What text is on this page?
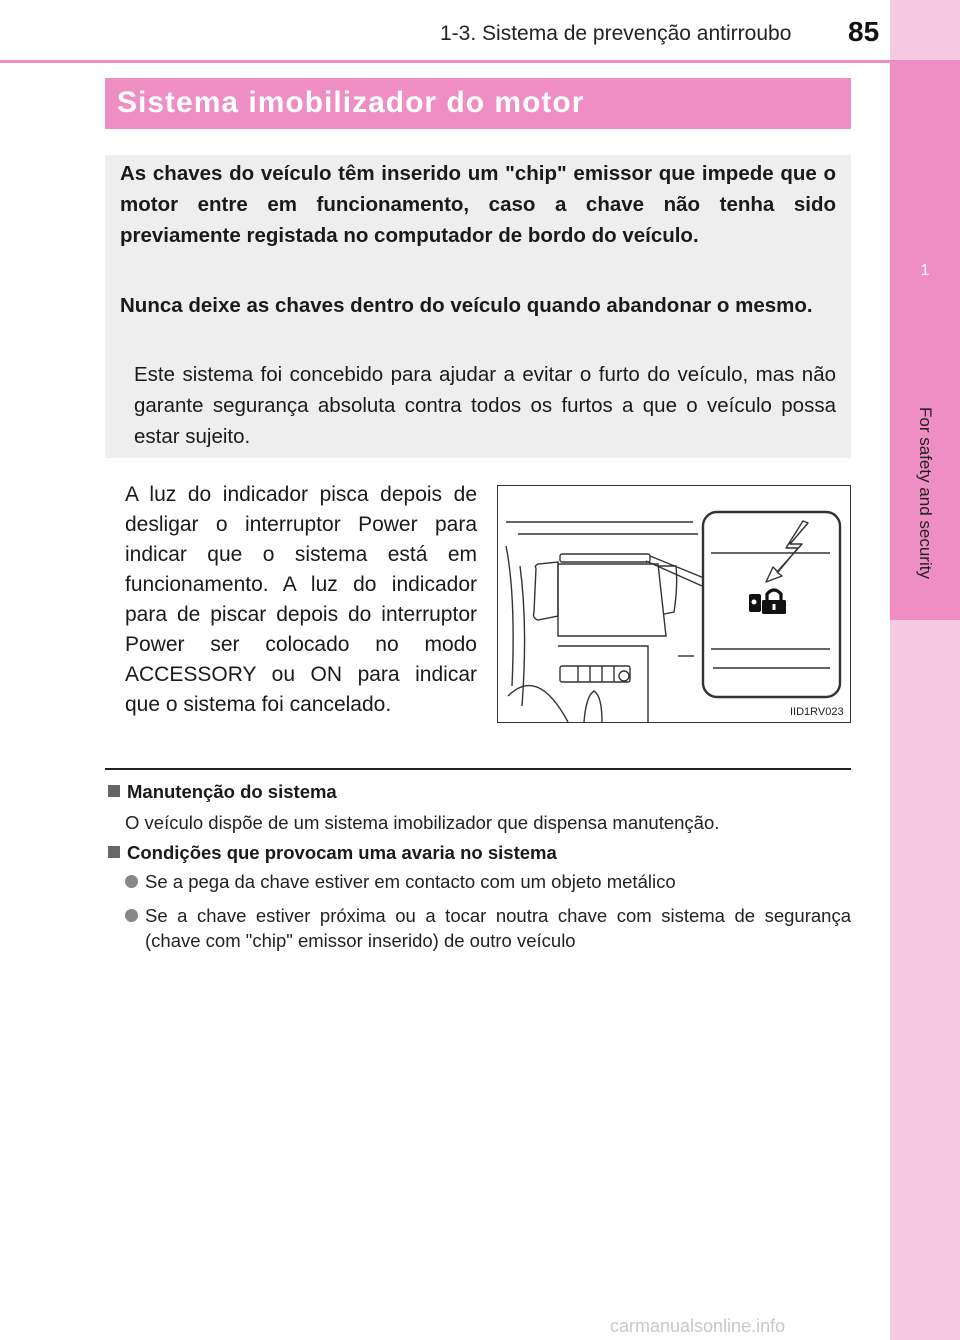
1
For safety and security
1-3. Sistema de prevenção antirroubo 85
Sistema imobilizador do motor
As chaves do veículo têm inserido um "chip" emissor que impede que o motor entre em funcionamento, caso a chave não tenha sido previamente registada no computador de bordo do veículo.
Nunca deixe as chaves dentro do veículo quando abandonar o mesmo.
Este sistema foi concebido para ajudar a evitar o furto do veículo, mas não garante segurança absoluta contra todos os furtos a que o veículo possa estar sujeito.
A luz do indicador pisca depois de desligar o interruptor Power para indicar que o sistema está em funcionamento. A luz do indicador para de piscar depois do interruptor Power ser colocado no modo ACCESSORY ou ON para indicar que o sistema foi cancelado.	IID1RV023
Manutenção do sistema
O veículo dispõe de um sistema imobilizador que dispensa manutenção.
Condições que provocam uma avaria no sistema
Se a pega da chave estiver em contacto com um objeto metálico
Se a chave estiver próxima ou a tocar noutra chave com sistema de segurança (chave com "chip" emissor inserido) de outro veículo
carmanualsonline.info
